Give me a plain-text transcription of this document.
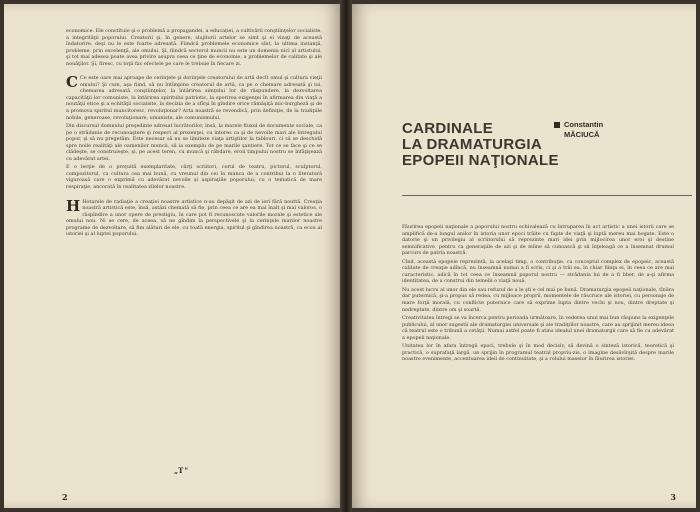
economice. Ele constituie şi o problemă a propagandei, a educaţiei, a cultivării conştiinţelor socialiste, a integrităţii poporului. Creatorii şi, în genere, slujitorii artelor se simt şi ei vizaţi de această îndatorire, deşi nu le este foarte adresată. Fiindcă problemele economice sînt, la ultima instanţă, probleme, prin excelenţă, ale omului. Şi, fiindcă sectorul muncii nu este un domeniu nici al artistului, şi tot mai adesea poate avea privire asupra ceea ce ţine de economie, a problemelor de calitate şi ale nouăţilor. Şi, firesc, cu toţii fac efectele pe care le trebuie în fiecare zi.

C Ce este oare mai aproape de cerinţele şi dorinţele creatorului de artă decît omul şi cultura vieţii omului? Şi cum, aşa fiind, să nu întîmpine creatorul de artă, ca pe o chemare adresată şi lui, chemarea adresată conştiinţelor, la întărirea simţului lor de răspundere, la dezvoltarea capacităţii lor comuniste, la întărirea spiritului patriotic, la sporirea exigenţei în afirmarea din viaţă a noutăţii etice şi a echităţii socialiste, la decizia de a sfîrşi în gîndire orice rămăşiţă mic-burgheză şi de a promova spiritul muncitoresc, revoluţionar? Arta noastră se revendică, prin definiţie, de la tradiţiile nobile, generoase, revoluţionare, umaniste, ale comunismului.

Din discursul domnului preşedinte adresat lucrătorilor, însă, la marele fluxul de documente sociale, ca pe o strădanie de recunoaştere şi respect al prezenţei, cu interes ca şi de nevoile mari ale întregului popor, şi să nu pregetăm. Este necesar să nu se limiteze viaţa artiştilor la tablouri, ci să se deschidă spre noile realităţi ale oamenilor muncii, să ia exemplu de pe marile şantiere. Tot ce se face şi ce se clădeşte, se construieşte, şi, pe acest teren, cu muncă şi răbdare, eroii timpului nostru se înfăţişează cu adevărat artei.

E o lecţie de o preţuită exemplaritate, cărţi scriitori, corul de teatru, pictorul, sculptorul, compozitorul, cu cultura cea mai bună, cu vreunul din cei în munca de a contribui la o literatură viguroasă care o exprimă cu adevărat nevoile şi aspiraţiile poporului; cu o tematică de mare respiraţie, ancorată în realitatea zilelor noastre.

H Hotarele de radiaţie a creaţiei noastre artistice n-au depăşit de azi de ieri fără nouttă. Creaţia noastră artistică este, însă, astăzi chemată să fie, prin ceea ce are ea mai înalt şi mai valoros, o răspîndire a unor opere de prestigiu, în care pot fi recunoscute valorile morale şi estetice ale omului nou. Ni se cere, de aceea, să ne gîndim la perspectivele şi la cerinţele marilor noastre programe de dezvoltare, să fim alături de ele, cu toată energia, spiritul şi gîndirea noastră, ca ecou al istoriei şi al luptei poporului.

„T"
2
CARDINALE
LA DRAMATURGIA
EPOPEII NAŢIONALE
Constantin
MĂCIUCĂ

Făurirea epopeii naţionale a poporului nostru echivalează cu întruparea în act artistic a unei istorii care se amplifică de-a lungul anilor în istoria unor epoci trăite cu fapte de viaţă şi luptă mereu mai bogate. Este o datorie şi un privilegiu al scriitorului să reprezinte mari idei prin mijlocirea unor eroi şi destine semnificative, pentru ca generaţiile de azi şi de mîine să cunoască şi să înţeleagă ce a însemnat drumul parcurs de patria noastră.

Cînd, această epopeie reprezintă, la acelaşi timp, o contribuţie, cu conceptul complex de epopeic, această calitate de creaţie adîncă, nu înseamnă numai a fi scris, ci şi a trăi ea, în chiar fiinţa ei, în ceea ce are mai caracteristic, adică în tot ceea ce înseamnă poporul nostru — strădania lui de a fi liber, de a-şi afirma identitatea, de a construi din temelii o viaţă nouă.

Nu acest lucru al unor din ele sau refuzul de a le şti e cel mai pe bună. Dramaturgia epopeii naţionale, tînăra dar puternică, şi-a propus să redea, cu mijloace proprii, momentele de răscruce ale istoriei, cu personaje de mare forţă morală, cu conflicte puternice care să exprime lupta dintre vechi şi nou, dintre dreptate şi nedreptate, dintre om şi soartă.

Creativitatea întregi se va încerca pentru perioada următoare, în vederea unui mai bun răspuns la exigenţele publicului, al unor sugestii ale dramaturgiei universale şi ale tradiţiilor noastre, care au sprijinit mereu ideea că teatrul este o tribună a cetăţii. Numai astfel poate fi atins idealul unei dramaturgii care să fie cu adevărat a epopeii naţionale.

Unitatea lor în afara întregii epoci, trebuie şi în mod decisiv, să devină o sinteză istorică, teoretică şi practică, o suprafaţă largă, un sprijin în programul teatral propriu-zis, o imagine desăvîrşită despre marile noastre evenimente, accentuarea ideii de continuitate, şi a rolului maselor în făurirea istoriei.

3
